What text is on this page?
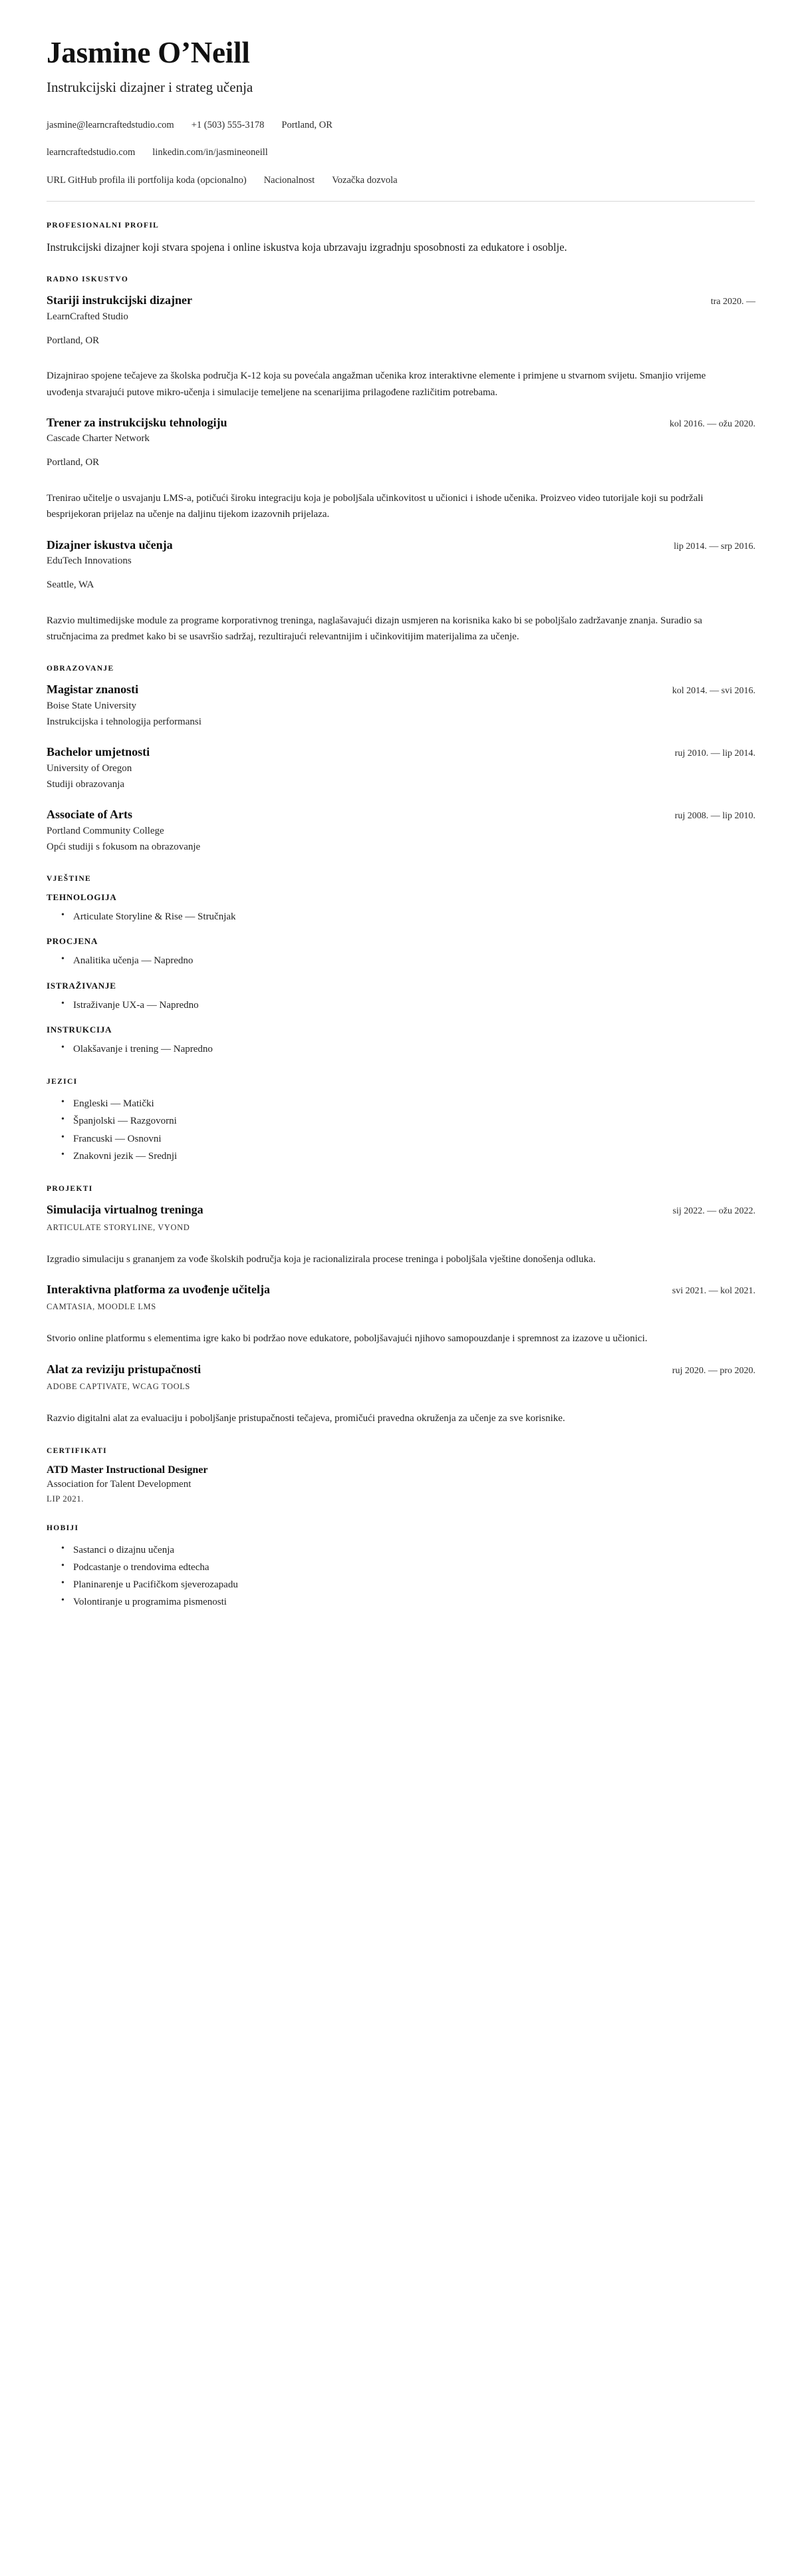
Jasmine O’Neill
Instrukcijski dizajner i strateg učenja
jasmine@learncraftedstudio.com +1 (503) 555-3178 Portland, OR
learncraftedstudio.com linkedin.com/in/jasmineoneill
URL GitHub profila ili portfolija koda (opcionalno) Nacionalnost Vozačka dozvola
PROFESIONALNI PROFIL

Instrukcijski dizajner koji stvara spojena i online iskustva koja ubrzavaju izgradnju sposobnosti za edukatore i osoblje.

RADNO ISKUSTVO
Stariji instrukcijski dizajner	tra 2020. —

LearnCrafted Studio

Portland, OR

Dizajnirao spojene tečajeve za školska područja K-12 koja su povećala angažman učenika kroz interaktivne elemente i primjene u stvarnom svijetu. Smanjio vrijeme uvođenja stvarajući putove mikro-učenja i simulacije temeljene na scenarijima prilagođene različitim potrebama.

Trener za instrukcijsku tehnologiju	kol 2016. — ožu 2020.

Cascade Charter Network

Portland, OR

Trenirao učitelje o usvajanju LMS-a, potičući široku integraciju koja je poboljšala učinkovitost u učionici i ishode učenika. Proizveo video tutorijale koji su podržali besprijekoran prijelaz na učenje na daljinu tijekom izazovnih prijelaza.

Dizajner iskustva učenja	lip 2014. — srp 2016.

EduTech Innovations

Seattle, WA

Razvio multimedijske module za programe korporativnog treninga, naglašavajući dizajn usmjeren na korisnika kako bi se poboljšalo zadržavanje znanja. Suradio sa stručnjacima za predmet kako bi se usavršio sadržaj, rezultirajući relevantnijim i učinkovitijim materijalima za učenje.

OBRAZOVANJE
Magistar znanosti	kol 2014. — svi 2016.

Boise State University

Instrukcijska i tehnologija performansi

Bachelor umjetnosti	ruj 2010. — lip 2014.

University of Oregon

Studiji obrazovanja

Associate of Arts	ruj 2008. — lip 2010.

Portland Community College

Opći studiji s fokusom na obrazovanje

VJEŠTINE
TEHNOLOGIJA
• Articulate Storyline & Rise — Stručnjak
PROCJENA
• Analitika učenja — Napredno
ISTRAŽIVANJE
• Istraživanje UX-a — Napredno
INSTRUKCIJA
• Olakšavanje i trening — Napredno
JEZICI
• Engleski — Matički
• Španjolski — Razgovorni
• Francuski — Osnovni
• Znakovni jezik — Srednji
PROJEKTI
Simulacija virtualnog treninga	sij 2022. — ožu 2022.

ARTICULATE STORYLINE, VYOND

Izgradio simulaciju s grananjem za vođe školskih područja koja je racionalizirala procese treninga i poboljšala vještine donošenja odluka.

Interaktivna platforma za uvođenje učitelja	svi 2021. — kol 2021.

CAMTASIA, MOODLE LMS

Stvorio online platformu s elementima igre kako bi podržao nove edukatore, poboljšavajući njihovo samopouzdanje i spremnost za izazove u učionici.

Alat za reviziju pristupačnosti	ruj 2020. — pro 2020.

ADOBE CAPTIVATE, WCAG TOOLS

Razvio digitalni alat za evaluaciju i poboljšanje pristupačnosti tečajeva, promičući pravedna okruženja za učenje za sve korisnike.

CERTIFIKATI
ATD Master Instructional Designer

Association for Talent Development

LIP 2021.

HOBIJI
• Sastanci o dizajnu učenja
• Podcastanje o trendovima edtecha
• Planinarenje u Pacifičkom sjeverozapadu
• Volontiranje u programima pismenosti
